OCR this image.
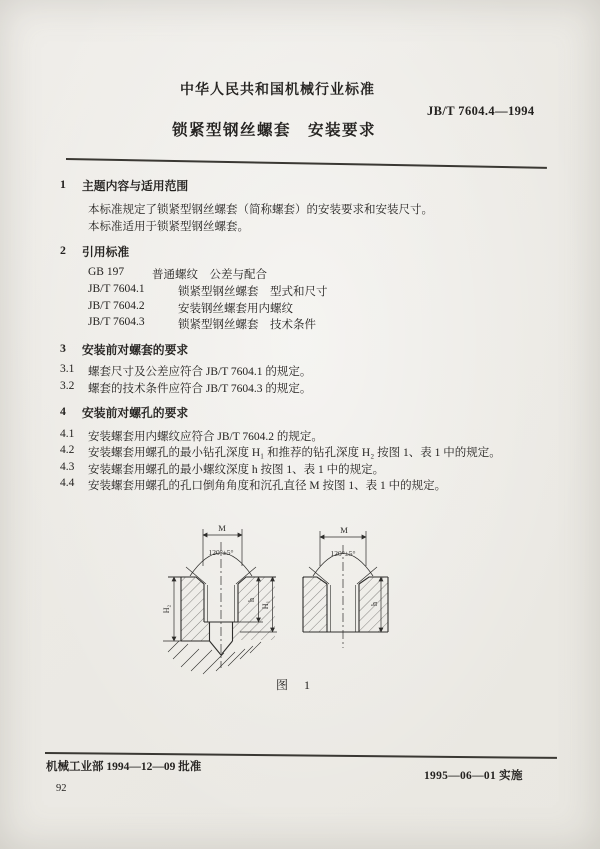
中华人民共和国机械行业标准
JB/T 7604.4—1994
锁紧型钢丝螺套　安装要求
1	主题内容与适用范围
本标准规定了锁紧型钢丝螺套（简称螺套）的安装要求和安装尺寸。
本标准适用于锁紧型钢丝螺套。
2	引用标准
GB 197	普通螺纹　公差与配合
JB/T 7604.1	锁紧型钢丝螺套　型式和尺寸
JB/T 7604.2	安装钢丝螺套用内螺纹
JB/T 7604.3	锁紧型钢丝螺套　技术条件
3	安装前对螺套的要求
3.1	螺套尺寸及公差应符合 JB/T 7604.1 的规定。
3.2	螺套的技术条件应符合 JB/T 7604.3 的规定。
4	安装前对螺孔的要求
4.1	安装螺套用内螺纹应符合 JB/T 7604.2 的规定。
4.2	安装螺套用螺孔的最小钻孔深度 H₁ 和推荐的钻孔深度 H₂ 按图 1、表 1 中的规定。
4.3	安装螺套用螺孔的最小螺纹深度 h 按图 1、表 1 中的规定。
4.4	安装螺套用螺孔的孔口倒角角度和沉孔直径 M 按图 1、表 1 中的规定。
M
120°±5°
H₂
h
H₁
M
120°±5°
h
图　1
机械工业部 1994—12—09 批准
1995—06—01 实施
92
